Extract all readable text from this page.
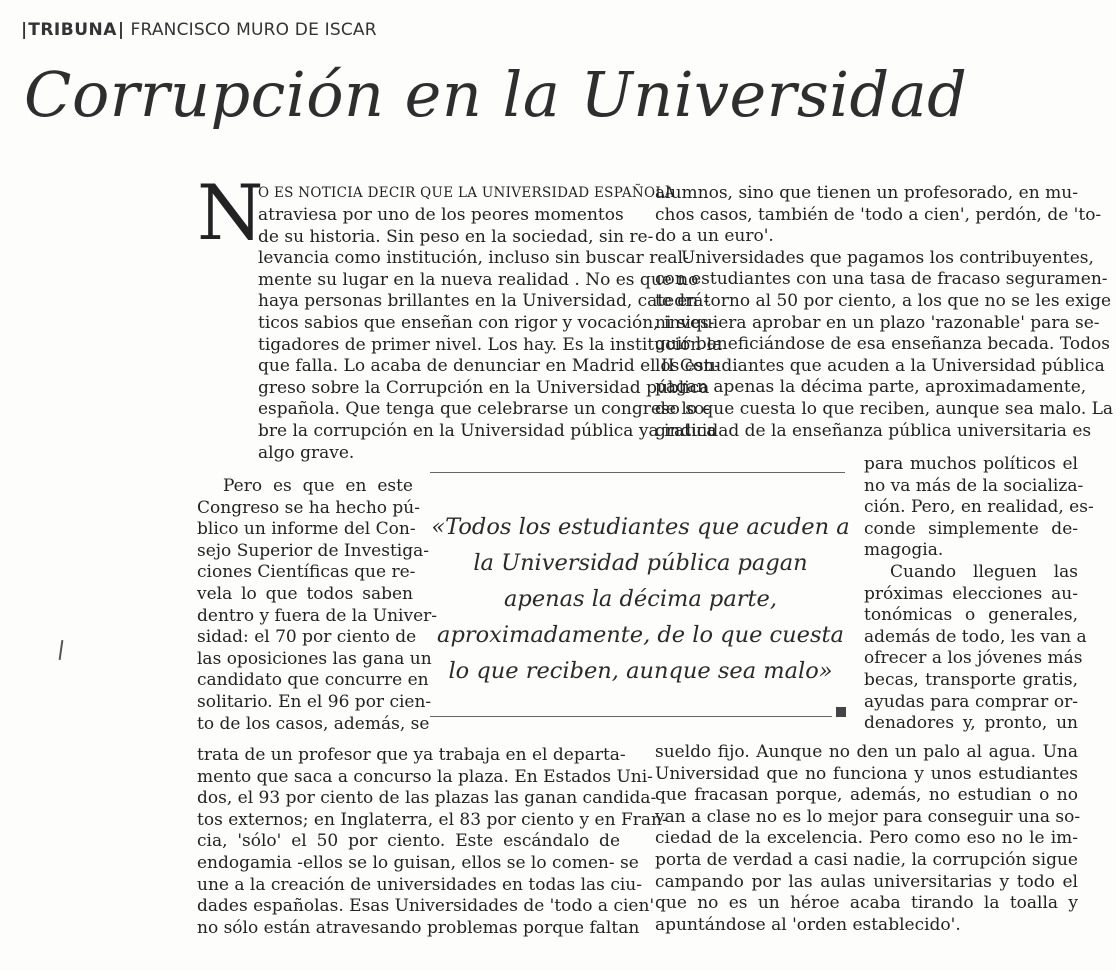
|TRIBUNA| FRANCISCO MURO DE ISCAR
Corrupción en la Universidad
N
O ES NOTICIA DECIR QUE LA UNIVERSIDAD ESPAÑOLA
atraviesa por uno de los peores momentos
de su historia. Sin peso en la sociedad, sin re-
levancia como institución, incluso sin buscar real-
mente su lugar en la nueva realidad . No es que no
haya personas brillantes en la Universidad, catedrá-
ticos sabios que enseñan con rigor y vocación, inves-
tigadores de primer nivel. Los hay. Es la institución la
que falla. Lo acaba de denunciar en Madrid el II Con-
greso sobre la Corrupción en la Universidad pública
española. Que tenga que celebrarse un congreso so-
bre la corrupción en la Universidad pública ya indica
algo grave.
Pero es que en este
Congreso se ha hecho pú-
blico un informe del Con-
sejo Superior de Investiga-
ciones Científicas que re-
vela lo que todos saben
dentro y fuera de la Univer-
sidad: el 70 por ciento de
las oposiciones las gana un
candidato que concurre en
solitario. En el 96 por cien-
to de los casos, además, se
trata de un profesor que ya trabaja en el departa-
mento que saca a concurso la plaza. En Estados Uni-
dos, el 93 por ciento de las plazas las ganan candida-
tos externos; en Inglaterra, el 83 por ciento y en Fran-
cia, 'sólo' el 50 por ciento. Este escándalo de
endogamia -ellos se lo guisan, ellos se lo comen- se
une a la creación de universidades en todas las ciu-
dades españolas. Esas Universidades de 'todo a cien'
no sólo están atravesando problemas porque faltan
alumnos, sino que tienen un profesorado, en mu-
chos casos, también de 'todo a cien', perdón, de 'to-
do a un euro'.
Universidades que pagamos los contribuyentes,
con estudiantes con una tasa de fracaso seguramen-
te en torno al 50 por ciento, a los que no se les exige
ni siquiera aprobar en un plazo 'razonable' para se-
guir beneficiándose de esa enseñanza becada. Todos
los estudiantes que acuden a la Universidad pública
pagan apenas la décima parte, aproximadamente,
de lo que cuesta lo que reciben, aunque sea malo. La
gratuidad de la enseñanza pública universitaria es
para muchos políticos el
no va más de la socializa-
ción. Pero, en realidad, es-
conde simplemente de-
magogia.
Cuando lleguen las
próximas elecciones au-
tonómicas o generales,
además de todo, les van a
ofrecer a los jóvenes más
becas, transporte gratis,
ayudas para comprar or-
denadores y, pronto, un
sueldo fijo. Aunque no den un palo al agua. Una
Universidad que no funciona y unos estudiantes
que fracasan porque, además, no estudian o no
van a clase no es lo mejor para conseguir una so-
ciedad de la excelencia. Pero como eso no le im-
porta de verdad a casi nadie, la corrupción sigue
campando por las aulas universitarias y todo el
que no es un héroe acaba tirando la toalla y
apuntándose al 'orden establecido'.
«Todos los estudiantes que acuden a
la Universidad pública pagan
apenas la décima parte,
aproximadamente, de lo que cuesta
lo que reciben, aunque sea malo»
